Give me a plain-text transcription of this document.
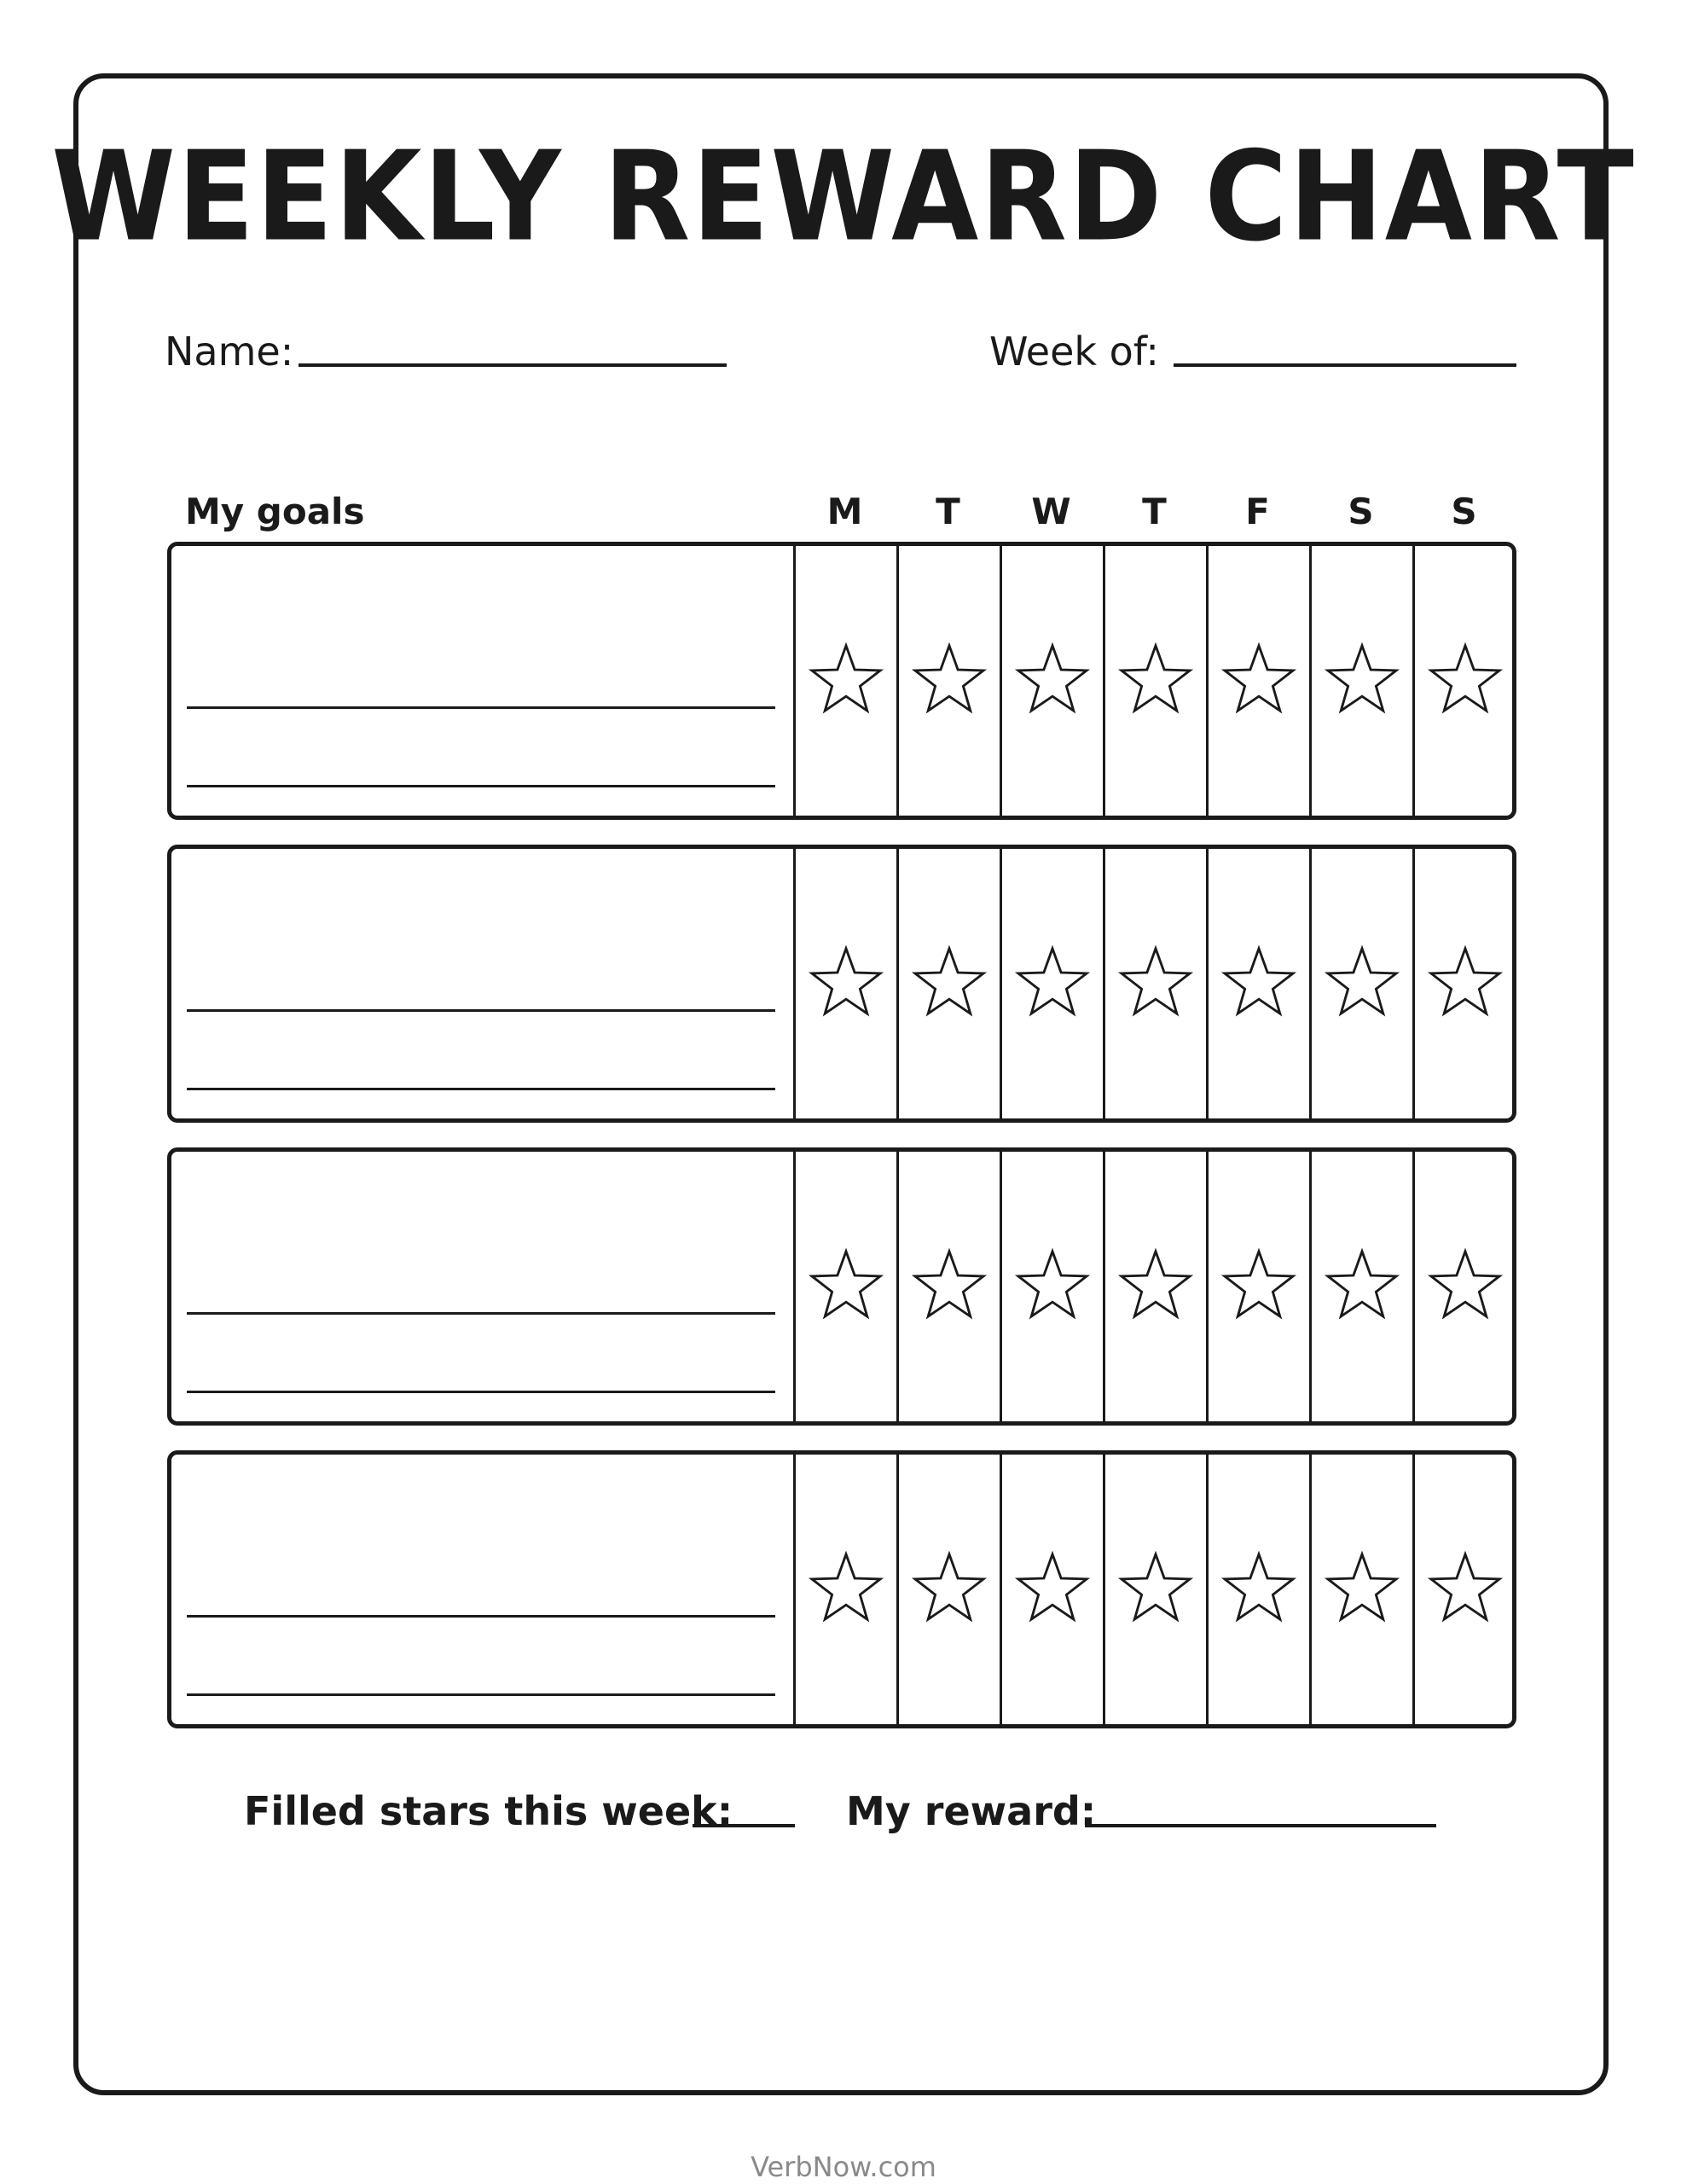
WEEKLY REWARD CHART
Name:	Week of:
My goals	M	T	W	T	F	S	S
Filled stars this week:	My reward:
VerbNow.com
